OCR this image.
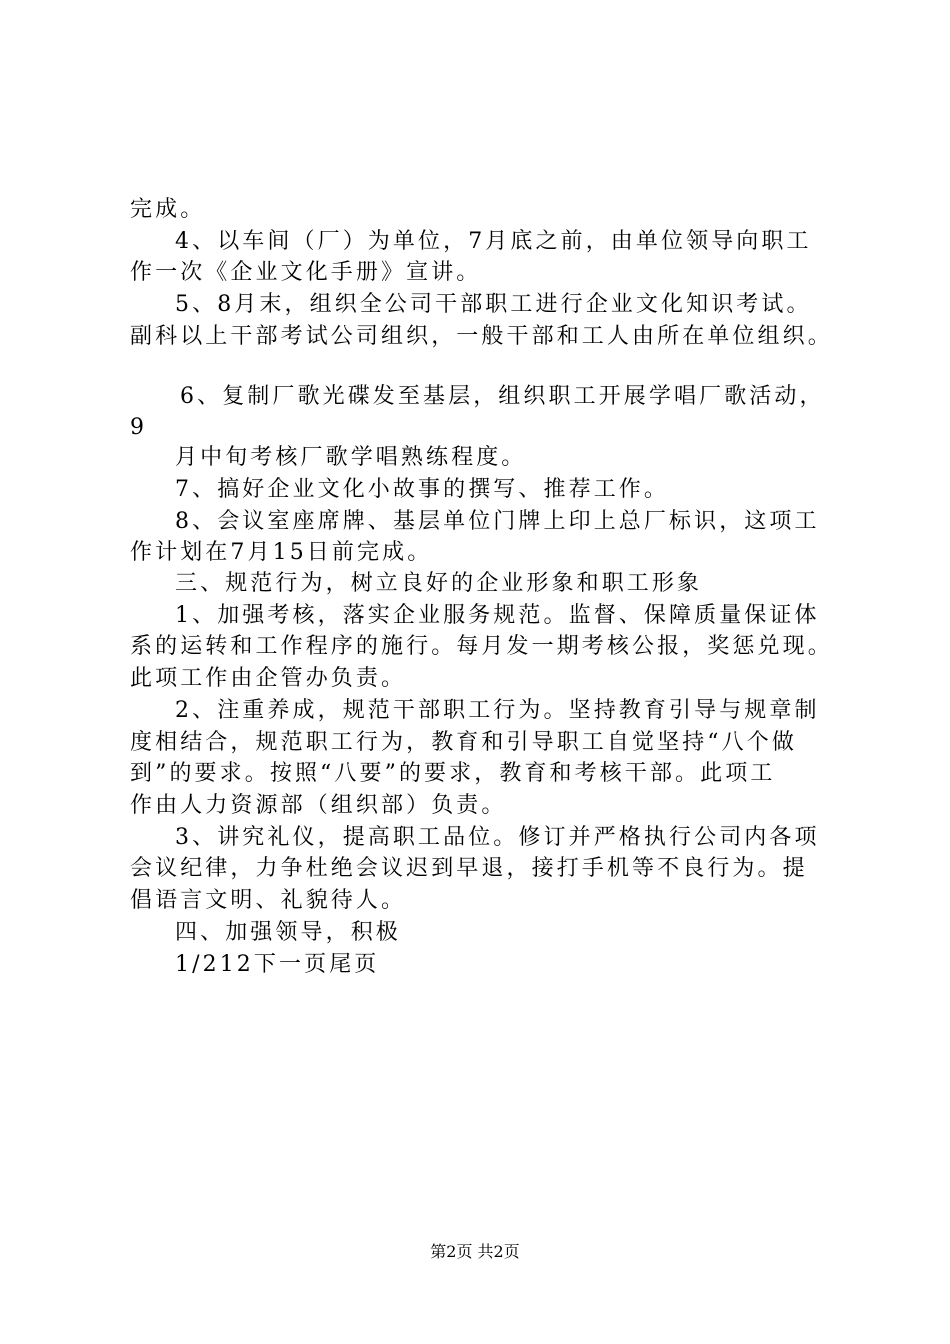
完成。

4、以车间（厂）为单位，7月底之前，由单位领导向职工

作一次《企业文化手册》宣讲。

5、8月末，组织全公司干部职工进行企业文化知识考试。

副科以上干部考试公司组织，一般干部和工人由所在单位组织。

6、复制厂歌光碟发至基层，组织职工开展学唱厂歌活动，

9

月中旬考核厂歌学唱熟练程度。

7、搞好企业文化小故事的撰写、推荐工作。

8、会议室座席牌、基层单位门牌上印上总厂标识，这项工

作计划在7月15日前完成。

三、规范行为，树立良好的企业形象和职工形象

1、加强考核，落实企业服务规范。监督、保障质量保证体

系的运转和工作程序的施行。每月发一期考核公报，奖惩兑现。

此项工作由企管办负责。

2、注重养成，规范干部职工行为。坚持教育引导与规章制

度相结合，规范职工行为，教育和引导职工自觉坚持“八个做

到”的要求。按照“八要”的要求，教育和考核干部。此项工

作由人力资源部（组织部）负责。

3、讲究礼仪，提高职工品位。修订并严格执行公司内各项

会议纪律，力争杜绝会议迟到早退，接打手机等不良行为。提

倡语言文明、礼貌待人。

四、加强领导，积极

1/212下一页尾页

第2页 共2页
